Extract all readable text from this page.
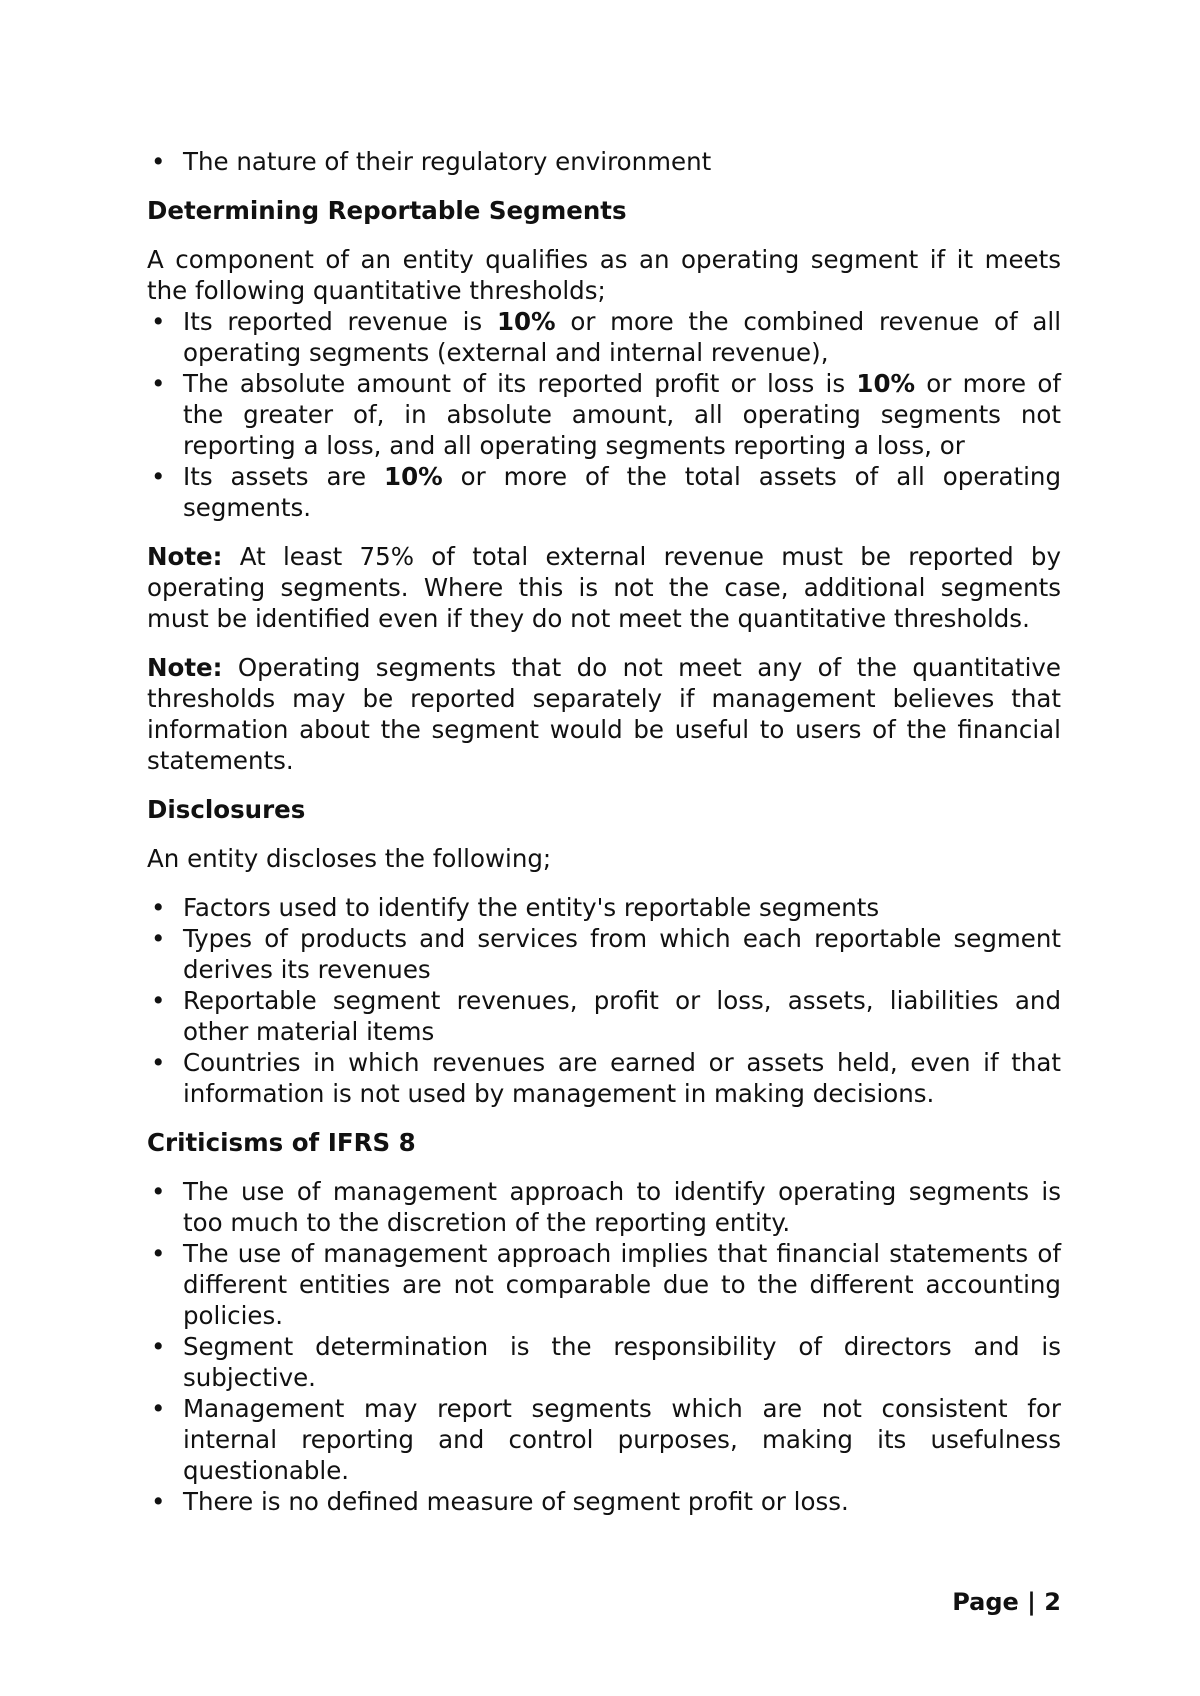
• The nature of their regulatory environment
Determining Reportable Segments

A component of an entity qualifies as an operating segment if it meets the following quantitative thresholds;

• Its reported revenue is 10% or more the combined revenue of all operating segments (external and internal revenue),
• The absolute amount of its reported profit or loss is 10% or more of the greater of, in absolute amount, all operating segments not reporting a loss, and all operating segments reporting a loss, or
• Its assets are 10% or more of the total assets of all operating segments.

Note: At least 75% of total external revenue must be reported by operating segments. Where this is not the case, additional segments must be identified even if they do not meet the quantitative thresholds.

Note: Operating segments that do not meet any of the quantitative thresholds may be reported separately if management believes that information about the segment would be useful to users of the financial statements.

Disclosures

An entity discloses the following;

• Factors used to identify the entity's reportable segments
• Types of products and services from which each reportable segment derives its revenues
• Reportable segment revenues, profit or loss, assets, liabilities and other material items
• Countries in which revenues are earned or assets held, even if that information is not used by management in making decisions.
Criticisms of IFRS 8
• The use of management approach to identify operating segments is too much to the discretion of the reporting entity.
• The use of management approach implies that financial statements of different entities are not comparable due to the different accounting policies.
• Segment determination is the responsibility of directors and is subjective.
• Management may report segments which are not consistent for internal reporting and control purposes, making its usefulness questionable.
• There is no defined measure of segment profit or loss.
Page | 2
